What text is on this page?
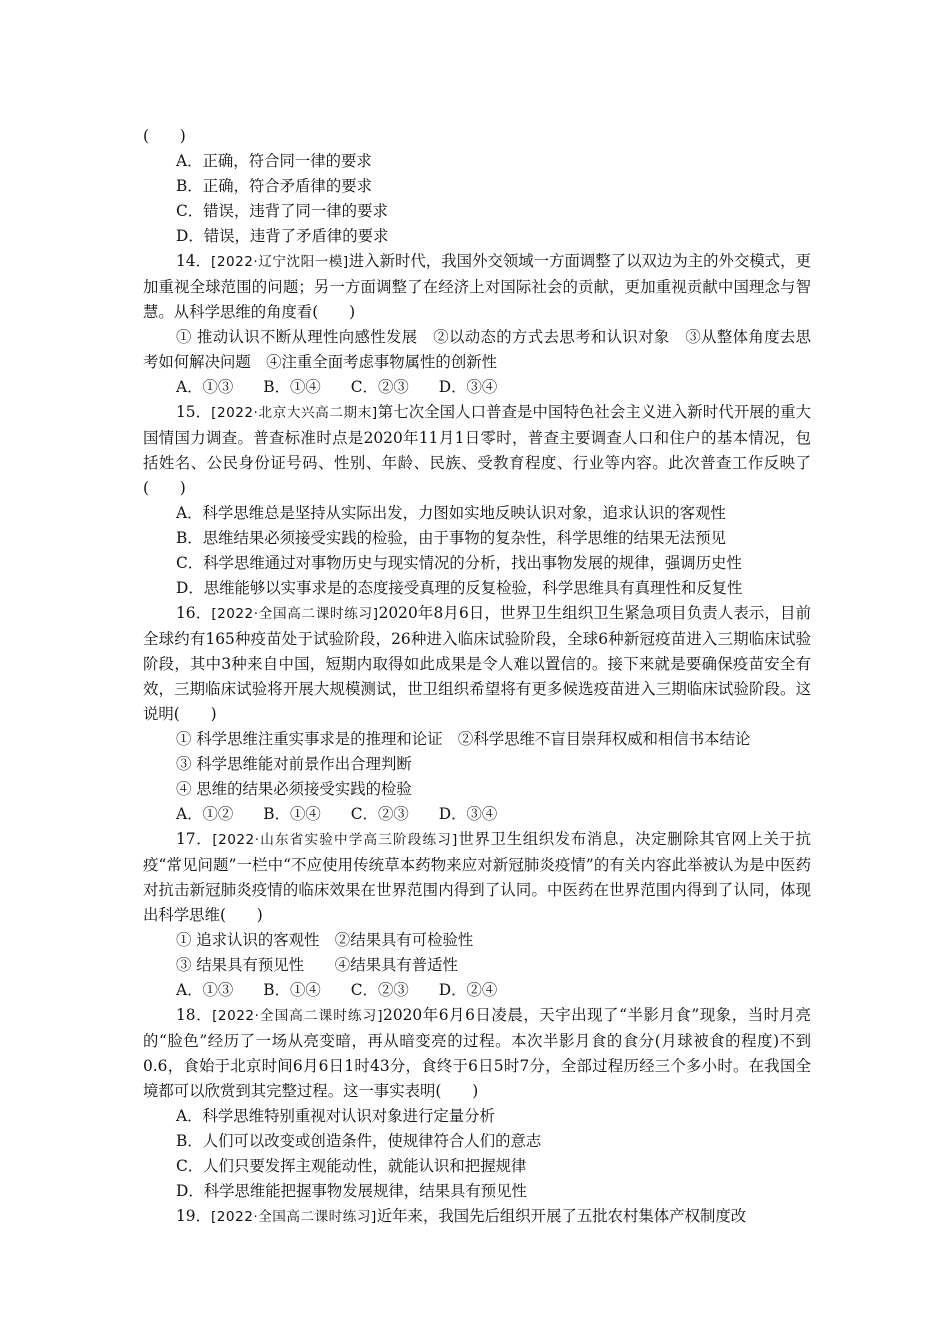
(　　)
A．正确，符合同一律的要求
B．正确，符合矛盾律的要求
C．错误，违背了同一律的要求
D．错误，违背了矛盾律的要求
14．[2022·辽宁沈阳一模]进入新时代，我国外交领域一方面调整了以双边为主的外交模式，更加重视全球范围的问题；另一方面调整了在经济上对国际社会的贡献，更加重视贡献中国理念与智慧。从科学思维的角度看(　　)
① 推动认识不断从理性向感性发展　②以动态的方式去思考和认识对象　③从整体角度去思考如何解决问题　④注重全面考虑事物属性的创新性
A．①③ B．①④ C．②③ D．③④
15．[2022·北京大兴高二期末]第七次全国人口普查是中国特色社会主义进入新时代开展的重大国情国力调查。普查标准时点是2020年11月1日零时，普查主要调查人口和住户的基本情况，包括姓名、公民身份证号码、性别、年龄、民族、受教育程度、行业等内容。此次普查工作反映了(　　)
A．科学思维总是坚持从实际出发，力图如实地反映认识对象，追求认识的客观性
B．思维结果必须接受实践的检验，由于事物的复杂性，科学思维的结果无法预见
C．科学思维通过对事物历史与现实情况的分析，找出事物发展的规律，强调历史性
D．思维能够以实事求是的态度接受真理的反复检验，科学思维具有真理性和反复性
16．[2022·全国高二课时练习]2020年8月6日，世界卫生组织卫生紧急项目负责人表示，目前全球约有165种疫苗处于试验阶段，26种进入临床试验阶段，全球6种新冠疫苗进入三期临床试验阶段，其中3种来自中国，短期内取得如此成果是令人难以置信的。接下来就是要确保疫苗安全有效，三期临床试验将开展大规模测试，世卫组织希望将有更多候选疫苗进入三期临床试验阶段。这说明(　　)
① 科学思维注重实事求是的推理和论证　②科学思维不盲目崇拜权威和相信书本结论
③ 科学思维能对前景作出合理判断
④ 思维的结果必须接受实践的检验
A．①② B．①④ C．②③ D．③④
17．[2022·山东省实验中学高三阶段练习]世界卫生组织发布消息，决定删除其官网上关于抗疫“常见问题”一栏中“不应使用传统草本药物来应对新冠肺炎疫情”的有关内容此举被认为是中医药对抗击新冠肺炎疫情的临床效果在世界范围内得到了认同。中医药在世界范围内得到了认同，体现出科学思维(　　)
① 追求认识的客观性　②结果具有可检验性
③ 结果具有预见性　　④结果具有普适性
A．①③ B．①④ C．②③ D．②④
18．[2022·全国高二课时练习]2020年6月6日凌晨，天宇出现了“半影月食”现象，当时月亮的“脸色”经历了一场从亮变暗，再从暗变亮的过程。本次半影月食的食分(月球被食的程度)不到0.6，食始于北京时间6月6日1时43分，食终于6日5时7分，全部过程历经三个多小时。在我国全境都可以欣赏到其完整过程。这一事实表明(　　)
A．科学思维特别重视对认识对象进行定量分析
B．人们可以改变或创造条件，使规律符合人们的意志
C．人们只要发挥主观能动性，就能认识和把握规律
D．科学思维能把握事物发展规律，结果具有预见性
19．[2022·全国高二课时练习]近年来，我国先后组织开展了五批农村集体产权制度改
